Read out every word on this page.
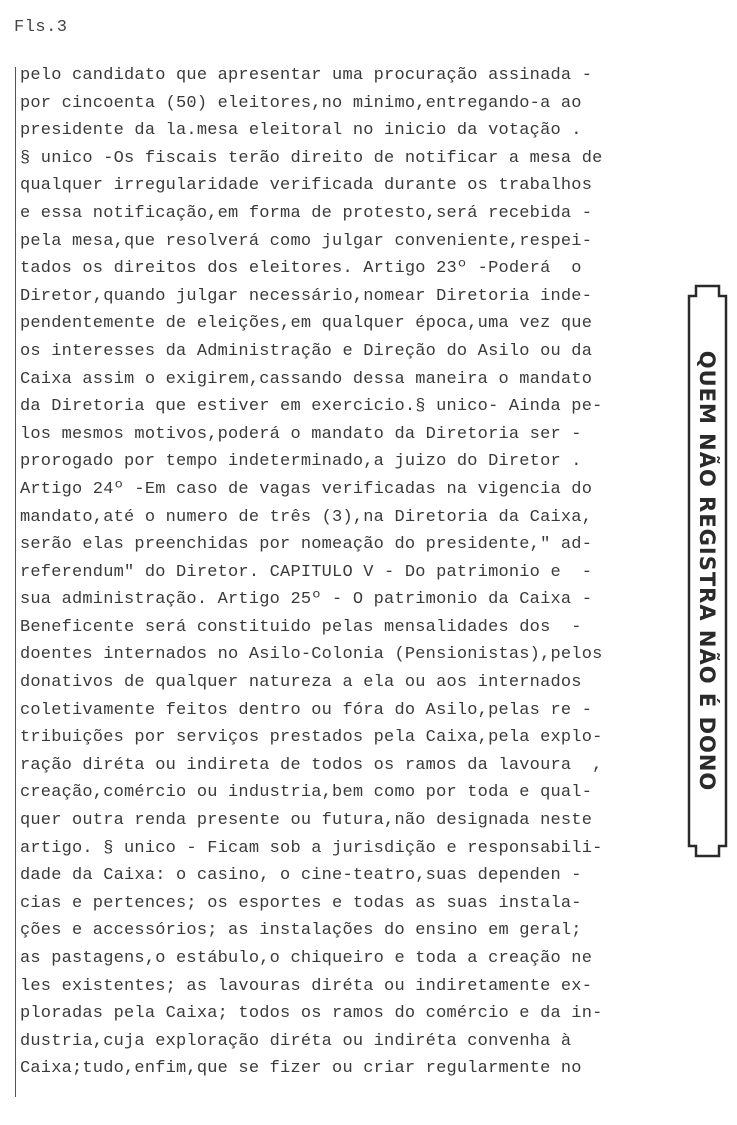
Fls.3
pelo candidato que apresentar uma procuração assinada -
por cincoenta (50) eleitores,no minimo,entregando-a ao
presidente da la.mesa eleitoral no inicio da votação .
§ unico -Os fiscais terão direito de notificar a mesa de
qualquer irregularidade verificada durante os trabalhos
e essa notificação,em forma de protesto,será recebida -
pela mesa,que resolverá como julgar conveniente,respei-
tados os direitos dos eleitores. Artigo 23º -Poderá  o
Diretor,quando julgar necessário,nomear Diretoria inde-
pendentemente de eleições,em qualquer época,uma vez que
os interesses da Administração e Direção do Asilo ou da
Caixa assim o exigirem,cassando dessa maneira o mandato
da Diretoria que estiver em exercicio.§ unico- Ainda pe-
los mesmos motivos,poderá o mandato da Diretoria ser -
prorogado por tempo indeterminado,a juizo do Diretor .
Artigo 24º -Em caso de vagas verificadas na vigencia do
mandato,até o numero de três (3),na Diretoria da Caixa,
serão elas preenchidas por nomeação do presidente," ad-
referendum" do Diretor. CAPITULO V - Do patrimonio e  -
sua administração. Artigo 25º - O patrimonio da Caixa -
Beneficente será constituido pelas mensalidades dos  -
doentes internados no Asilo-Colonia (Pensionistas),pelos
donativos de qualquer natureza a ela ou aos internados
coletivamente feitos dentro ou fóra do Asilo,pelas re -
tribuições por serviços prestados pela Caixa,pela explo-
ração diréta ou indireta de todos os ramos da lavoura  ,
creação,comércio ou industria,bem como por toda e qual-
quer outra renda presente ou futura,não designada neste
artigo. § unico - Ficam sob a jurisdição e responsabili-
dade da Caixa: o casino, o cine-teatro,suas dependen -
cias e pertences; os esportes e todas as suas instala-
ções e accessórios; as instalações do ensino em geral;
as pastagens,o estábulo,o chiqueiro e toda a creação ne
les existentes; as lavouras diréta ou indiretamente ex-
ploradas pela Caixa; todos os ramos do comércio e da in-
dustria,cuja exploração diréta ou indiréta convenha à
Caixa;tudo,enfim,que se fizer ou criar regularmente no
QUEM NÃO REGISTRA NÃO É DONO
